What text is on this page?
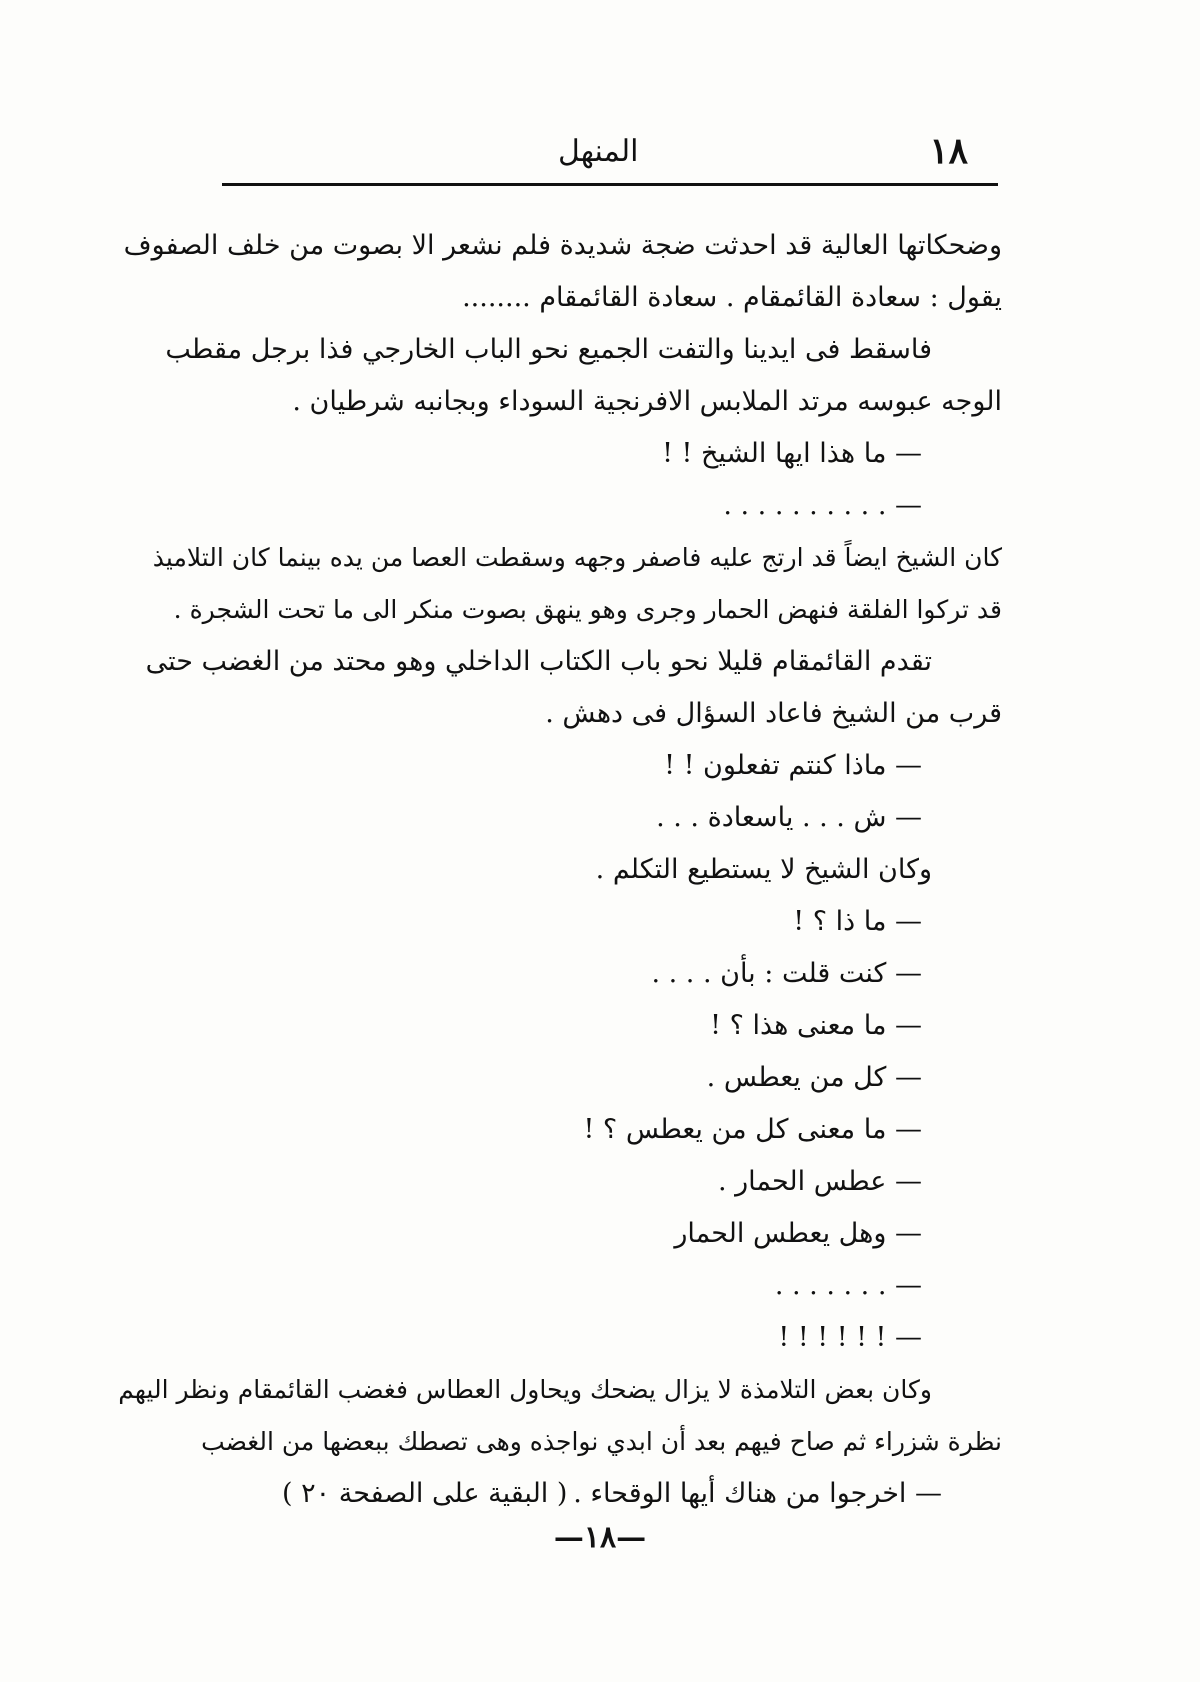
١٨
المنهل
وضحكاتها العالية قد احدثت ضجة شديدة فلم نشعر الا بصوت من خلف الصفوف
يقول : سعادة القائمقام . سعادة القائمقام ........
فاسقط فى ايدينا والتفت الجميع نحو الباب الخارجي فذا برجل مقطب
الوجه عبوسه مرتد الملابس الافرنجية السوداء وبجانبه شرطيان .
— ما هذا ايها الشيخ ! !
— . . . . . . . . . .
كان الشيخ ايضاً قد ارتج عليه فاصفر وجهه وسقطت العصا من يده بينما كان التلاميذ
قد تركوا الفلقة فنهض الحمار وجرى وهو ينهق بصوت منكر الى ما تحت الشجرة .
تقدم القائمقام قليلا نحو باب الكتاب الداخلي وهو محتد من الغضب حتى
قرب من الشيخ فاعاد السؤال فى دهش .
— ماذا كنتم تفعلون ! !
— ش . . . ياسعادة . . .
وكان الشيخ لا يستطيع التكلم .
— ما ذا ؟ !
— كنت قلت : بأن . . . .
— ما معنى هذا ؟ !
— كل من يعطس .
— ما معنى كل من يعطس ؟ !
— عطس الحمار .
— وهل يعطس الحمار
— . . . . . . .
— ! ! ! ! ! !
وكان بعض التلامذة لا يزال يضحك ويحاول العطاس فغضب القائمقام ونظر اليهم
نظرة شزراء ثم صاح فيهم بعد أن ابدي نواجذه وهى تصطك ببعضها من الغضب
— اخرجوا من هناك أيها الوقحاء .
( البقية على الصفحة ٢٠ )
—١٨—
